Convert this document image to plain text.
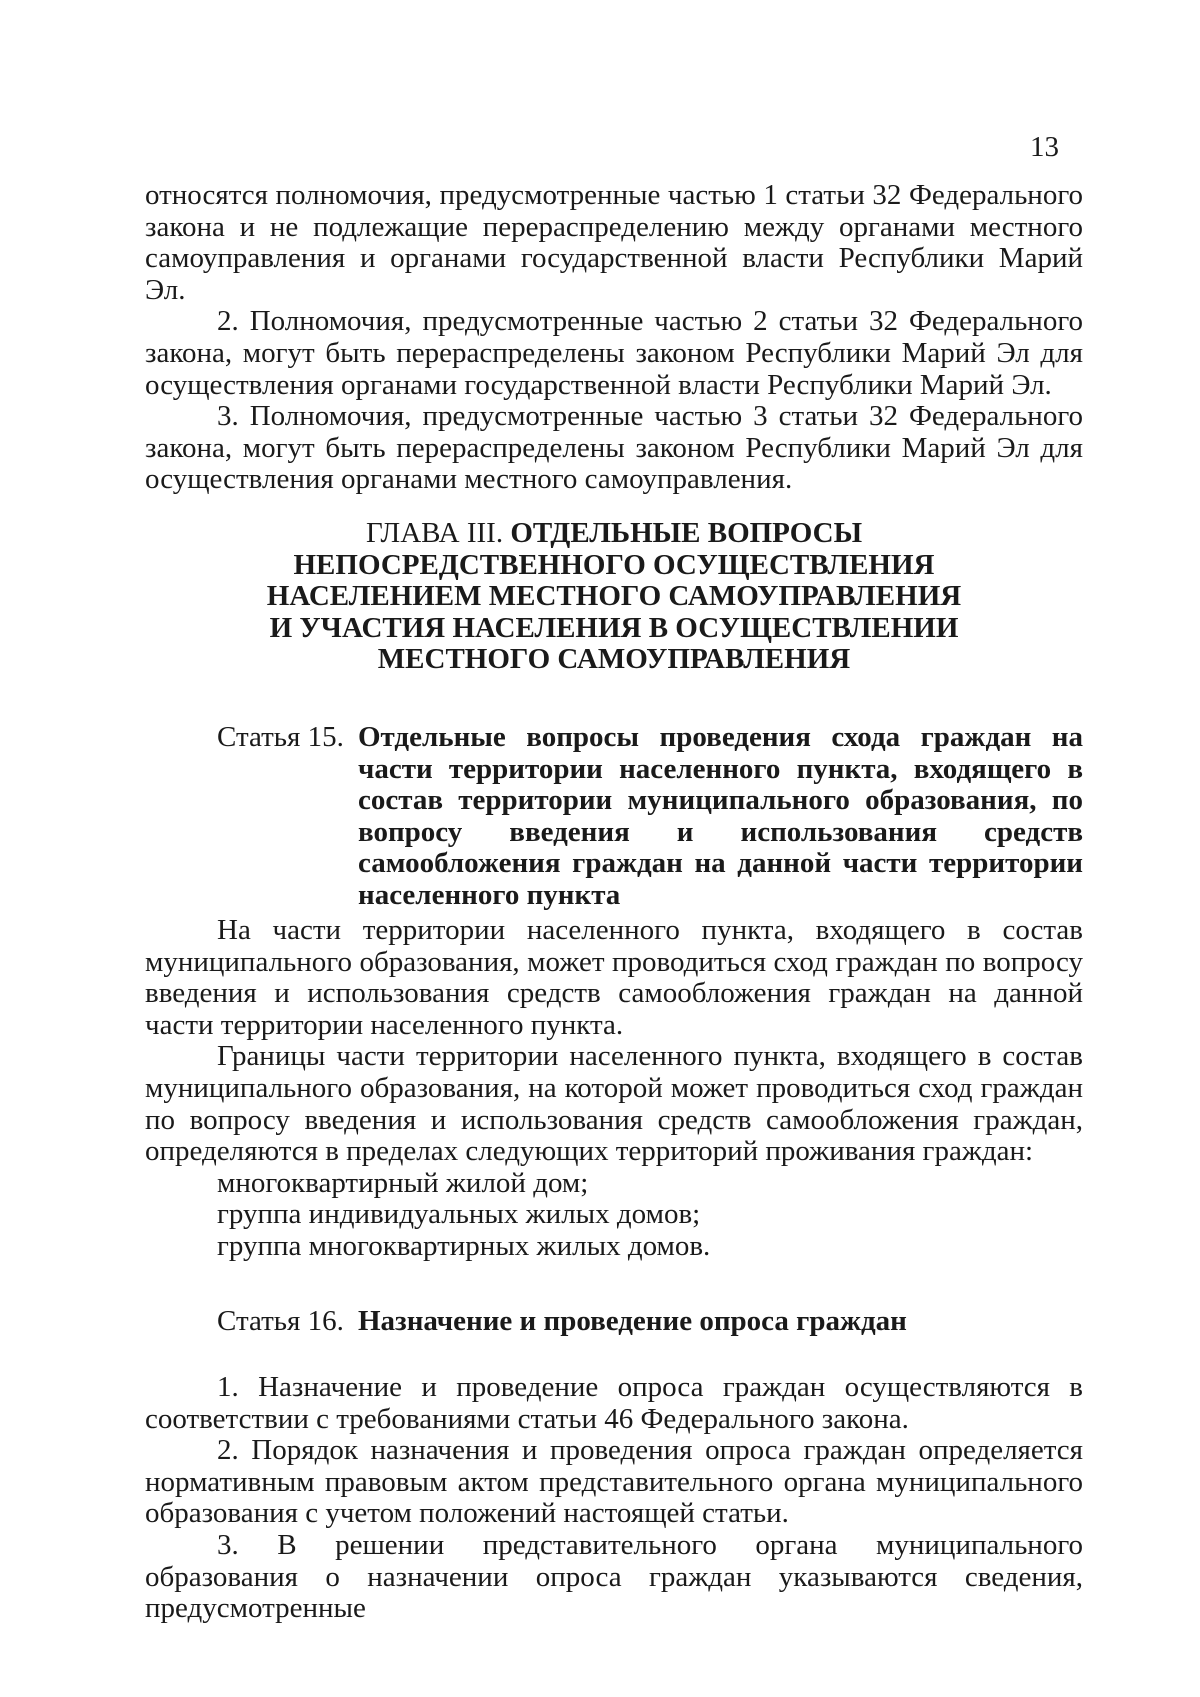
13

относятся полномочия, предусмотренные частью 1 статьи 32 Федерального закона и не подлежащие перераспределению между органами местного самоуправления и органами государственной власти Республики Марий Эл.

2. Полномочия, предусмотренные частью 2 статьи 32 Федерального закона, могут быть перераспределены законом Республики Марий Эл для осуществления органами государственной власти Республики Марий Эл.

3. Полномочия, предусмотренные частью 3 статьи 32 Федерального закона, могут быть перераспределены законом Республики Марий Эл для осуществления органами местного самоуправления.

ГЛАВА III. ОТДЕЛЬНЫЕ ВОПРОСЫ
НЕПОСРЕДСТВЕННОГО ОСУЩЕСТВЛЕНИЯ
НАСЕЛЕНИЕМ МЕСТНОГО САМОУПРАВЛЕНИЯ
И УЧАСТИЯ НАСЕЛЕНИЯ В ОСУЩЕСТВЛЕНИИ
МЕСТНОГО САМОУПРАВЛЕНИЯ
Статья 15. Отдельные вопросы проведения схода граждан на части территории населенного пункта, входящего в состав территории муниципального образования, по вопросу введения и использования средств самообложения граждан на данной части территории населенного пункта

На части территории населенного пункта, входящего в состав муниципального образования, может проводиться сход граждан по вопросу введения и использования средств самообложения граждан на данной части территории населенного пункта.

Границы части территории населенного пункта, входящего в состав муниципального образования, на которой может проводиться сход граждан по вопросу введения и использования средств самообложения граждан, определяются в пределах следующих территорий проживания граждан:

многоквартирный жилой дом;

группа индивидуальных жилых домов;

группа многоквартирных жилых домов.

Статья 16. Назначение и проведение опроса граждан

1. Назначение и проведение опроса граждан осуществляются в соответствии с требованиями статьи 46 Федерального закона.

2. Порядок назначения и проведения опроса граждан определяется нормативным правовым актом представительного органа муниципального образования с учетом положений настоящей статьи.

3. В решении представительного органа муниципального образования о назначении опроса граждан указываются сведения, предусмотренные
